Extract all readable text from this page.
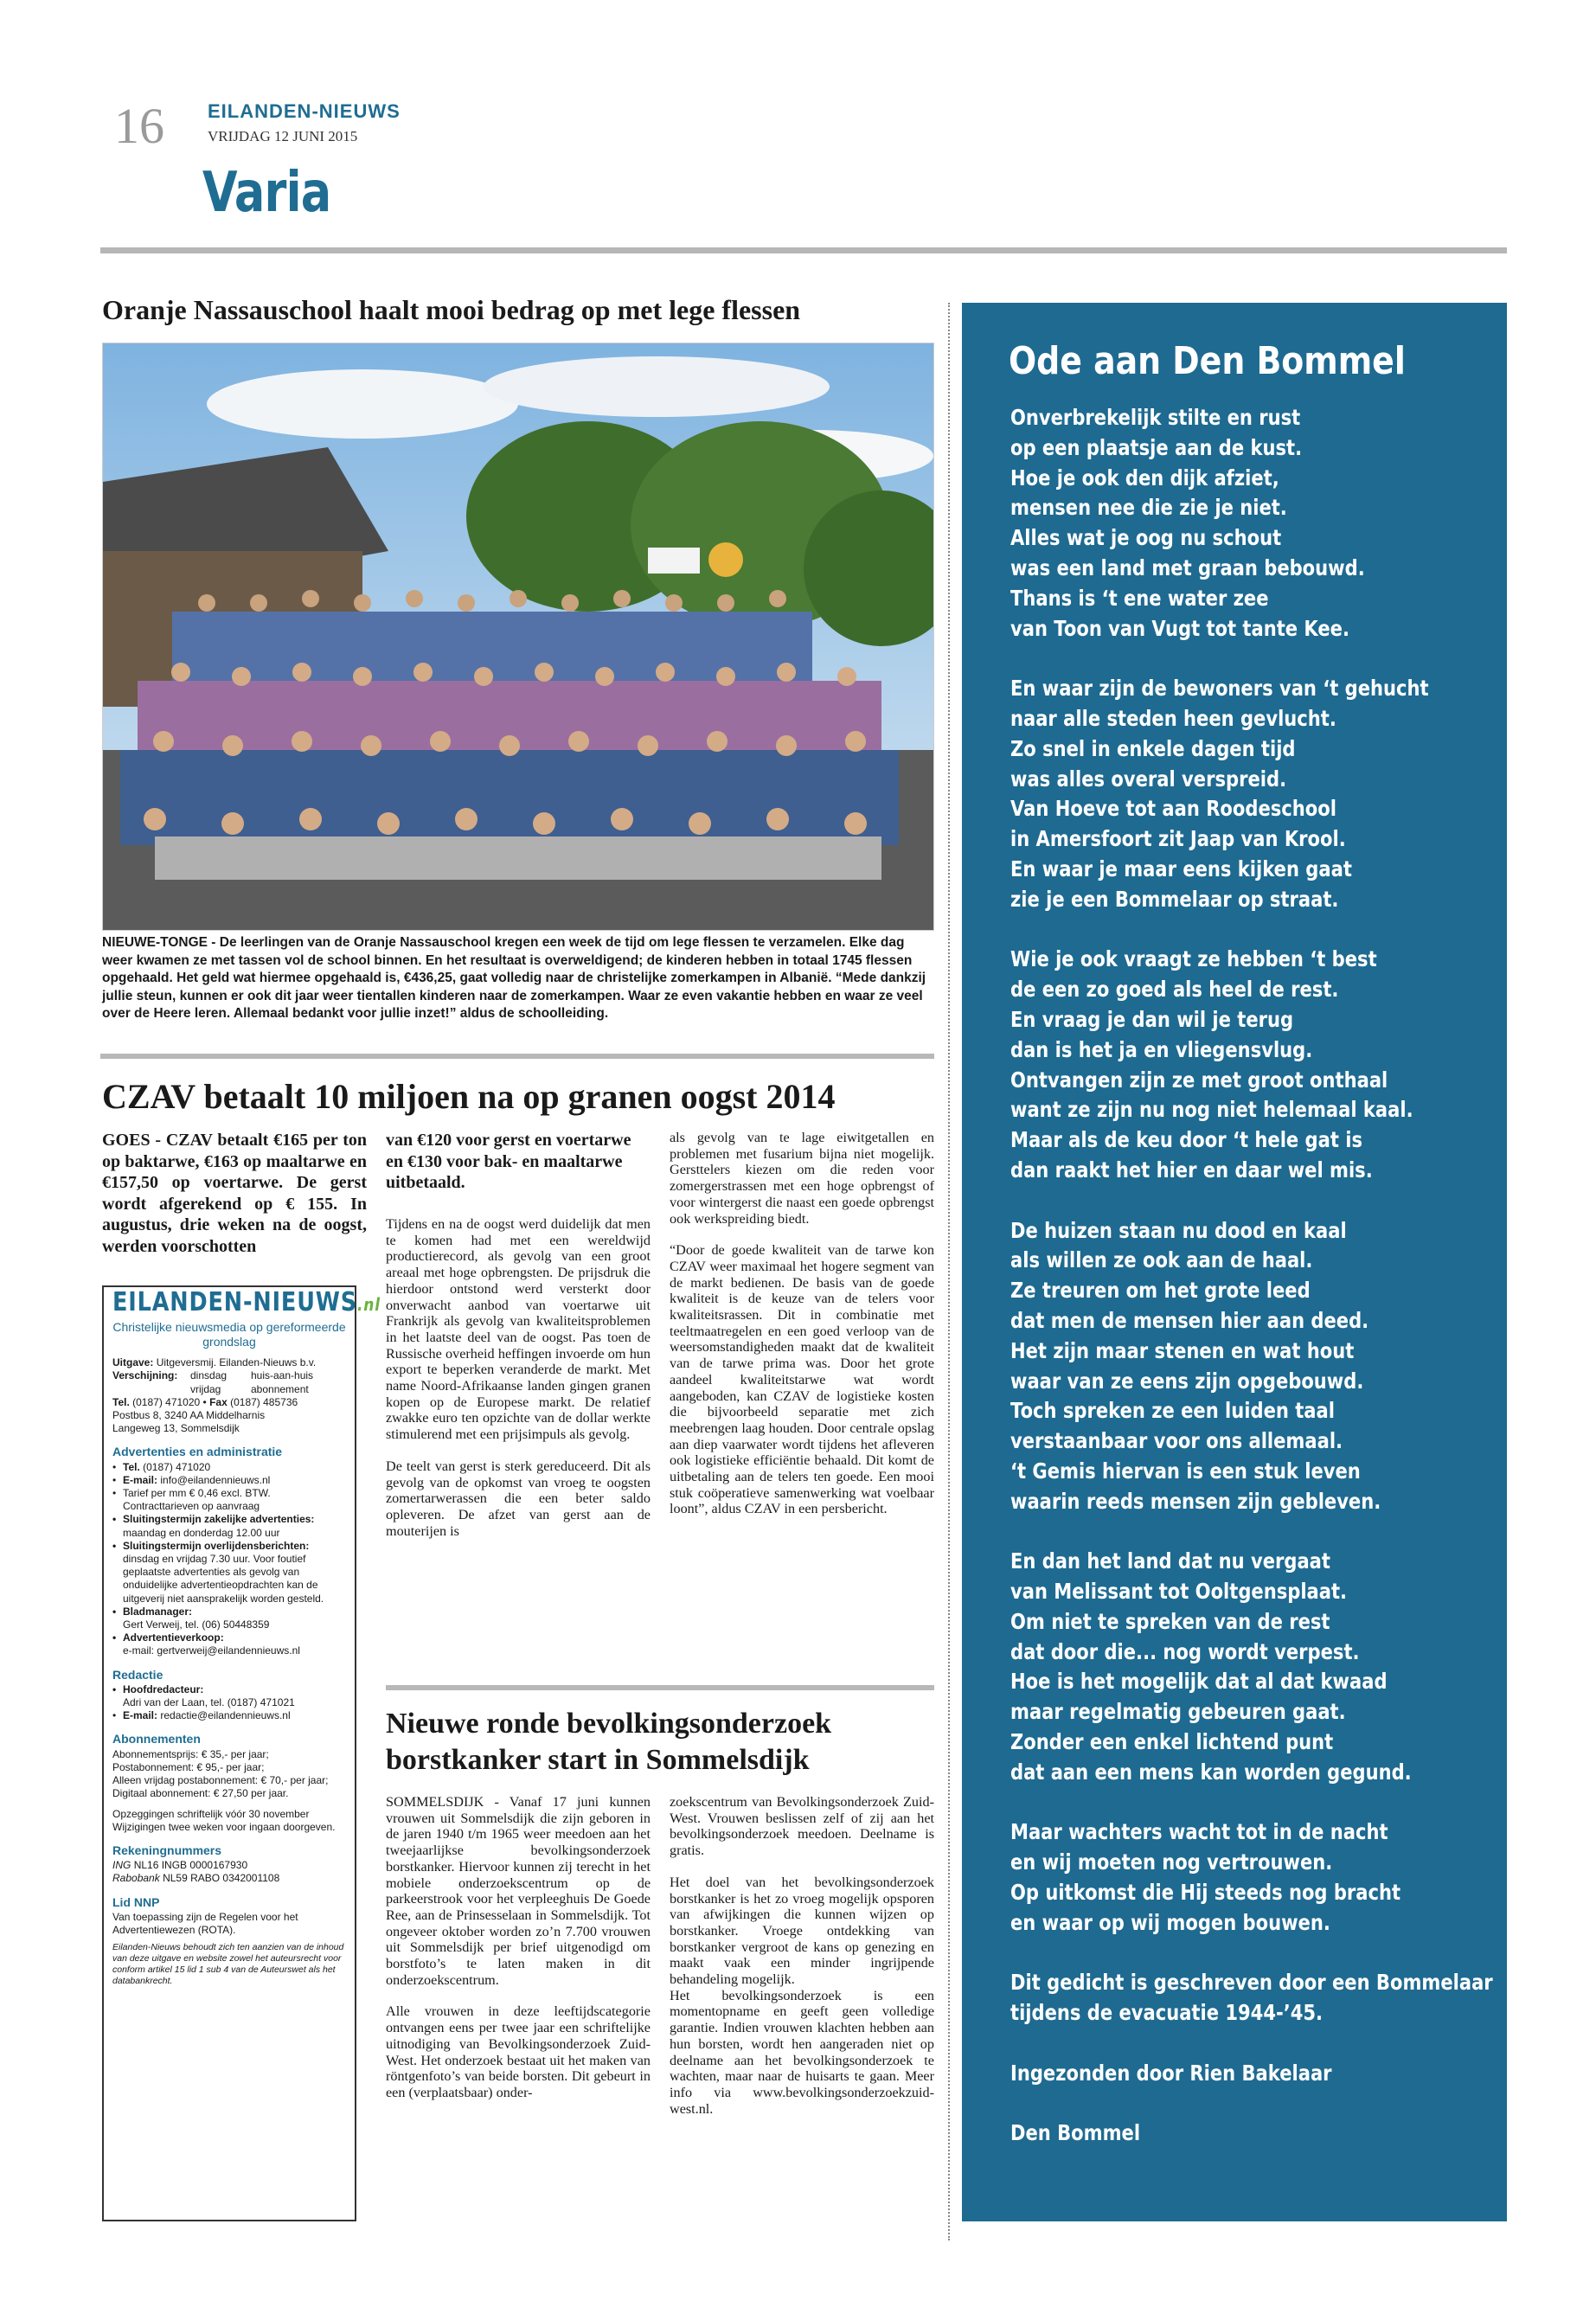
16 EILANDEN-NIEUWS
VRIJDAG 12 JUNI 2015
Varia
Oranje Nassauschool haalt mooi bedrag op met lege flessen
NIEUWE-TONGE - De leerlingen van de Oranje Nassauschool kregen een week de tijd om lege flessen te verzamelen. Elke dag weer kwamen ze met tassen vol de school binnen. En het resultaat is overweldigend; de kinderen hebben in totaal 1745 flessen opgehaald. Het geld wat hiermee opgehaald is, €436,25, gaat volledig naar de christelijke zomerkampen in Albanië. “Mede dankzij jullie steun, kunnen er ook dit jaar weer tientallen kinderen naar de zomerkampen. Waar ze even vakantie hebben en waar ze veel over de Heere leren. Allemaal bedankt voor jullie inzet!” aldus de schoolleiding.
CZAV betaalt 10 miljoen na op granen oogst 2014
GOES - CZAV betaalt €165 per ton op baktarwe, €163 op maaltarwe en €157,50 op voertarwe. De gerst wordt afgerekend op € 155. In augustus, drie weken na de oogst, werden voorschotten
van €120 voor gerst en voertarwe en €130 voor bak- en maaltarwe uitbetaald.

Tijdens en na de oogst werd duidelijk dat men te komen had met een wereldwijd productierecord, als gevolg van een groot areaal met hoge opbrengsten. De prijsdruk die hierdoor ontstond werd versterkt door onverwacht aanbod van voertarwe uit Frankrijk als gevolg van kwaliteitsproblemen in het laatste deel van de oogst. Pas toen de Russische overheid heffingen invoerde om hun export te beperken veranderde de markt. Met name Noord-Afrikaanse landen gingen granen kopen op de Europese markt. De relatief zwakke euro ten opzichte van de dollar werkte stimulerend met een prijsimpuls als gevolg.

De teelt van gerst is sterk gereduceerd. Dit als gevolg van de opkomst van vroeg te oogsten zomertarwerassen die een beter saldo opleveren. De afzet van gerst aan de mouterijen is

als gevolg van te lage eiwitgetallen en problemen met fusarium bijna niet mogelijk. Gersttelers kiezen om die reden voor zomergerstrassen met een hoge opbrengst of voor wintergerst die naast een goede opbrengst ook werkspreiding biedt.

“Door de goede kwaliteit van de tarwe kon CZAV weer maximaal het hogere segment van de markt bedienen. De basis van de goede kwaliteit is de keuze van de telers voor kwaliteitsrassen. Dit in combinatie met teeltmaatregelen en een goed verloop van de weersomstandigheden maakt dat de kwaliteit van de tarwe prima was. Door het grote aandeel kwaliteitstarwe wat wordt aangeboden, kan CZAV de logistieke kosten die bijvoorbeeld separatie met zich meebrengen laag houden. Door centrale opslag aan diep vaarwater wordt tijdens het afleveren ook logistieke efficiëntie behaald. Dit komt de uitbetaling aan de telers ten goede. Een mooi stuk coöperatieve samenwerking wat voelbaar loont”, aldus CZAV in een persbericht.

Nieuwe ronde bevolkingsonderzoek borstkanker start in Sommelsdijk

SOMMELSDIJK - Vanaf 17 juni kunnen vrouwen uit Sommelsdijk die zijn geboren in de jaren 1940 t/m 1965 weer meedoen aan het tweejaarlijkse bevolkingsonderzoek borstkanker. Hiervoor kunnen zij terecht in het mobiele onderzoekscentrum op de parkeerstrook voor het verpleeghuis De Goede Ree, aan de Prinsesselaan in Sommelsdijk. Tot ongeveer oktober worden zo’n 7.700 vrouwen uit Sommelsdijk per brief uitgenodigd om borstfoto’s te laten maken in dit onderzoekscentrum.

Alle vrouwen in deze leeftijdscategorie ontvangen eens per twee jaar een schriftelijke uitnodiging van Bevolkingsonderzoek Zuid-West. Het onderzoek bestaat uit het maken van röntgenfoto’s van beide borsten. Dit gebeurt in een (verplaatsbaar) onder-

zoekscentrum van Bevolkingsonderzoek Zuid-West. Vrouwen beslissen zelf of zij aan het bevolkingsonderzoek meedoen. Deelname is gratis.

Het doel van het bevolkingsonderzoek borstkanker is het zo vroeg mogelijk opsporen van afwijkingen die kunnen wijzen op borstkanker. Vroege ontdekking van borstkanker vergroot de kans op genezing en maakt vaak een minder ingrijpende behandeling mogelijk.

Het bevolkingsonderzoek is een momentopname en geeft geen volledige garantie. Indien vrouwen klachten hebben aan hun borsten, wordt hen aangeraden niet op deelname aan het bevolkingsonderzoek te wachten, maar naar de huisarts te gaan. Meer info via www.bevolkingsonderzoekzuid-west.nl.

EILANDEN-NIEUWS.nl
Christelijke nieuwsmedia op gereformeerde grondslag

Uitgave: Uitgeversmij. Eilanden-Nieuws b.v.

Verschijning:	dinsdag	huis-aan-huis
vrijdag	abonnement

Tel. (0187) 471020 • Fax (0187) 485736

Postbus 8, 3240 AA Middelharnis

Langeweg 13, Sommelsdijk

Advertenties en administratie

• Tel. (0187) 471020

• E-mail: info@eilandennieuws.nl

• Tarief per mm € 0,46 excl. BTW.

Contracttarieven op aanvraag

• Sluitingstermijn zakelijke advertenties:

maandag en donderdag 12.00 uur

• Sluitingstermijn overlijdensberichten:

dinsdag en vrijdag 7.30 uur. Voor foutief geplaatste advertenties als gevolg van onduidelijke advertentieopdrachten kan de uitgeverij niet aansprakelijk worden gesteld.

• Bladmanager:

Gert Verweij, tel. (06) 50448359

• Advertentieverkoop:

e-mail: gertverweij@eilandennieuws.nl

Redactie

• Hoofdredacteur:

Adri van der Laan, tel. (0187) 471021

• E-mail: redactie@eilandennieuws.nl

Abonnementen

Abonnementsprijs: € 35,- per jaar;

Postabonnement: € 95,- per jaar;

Alleen vrijdag postabonnement: € 70,- per jaar;

Digitaal abonnement: € 27,50 per jaar.

Opzeggingen schriftelijk vóór 30 november

Wijzigingen twee weken voor ingaan doorgeven.

Rekeningnummers

ING NL16 INGB 0000167930

Rabobank NL59 RABO 0342001108

Lid NNP

Van toepassing zijn de Regelen voor het Advertentiewezen (ROTA).

Eilanden-Nieuws behoudt zich ten aanzien van de inhoud van deze uitgave en website zowel het auteursrecht voor conform artikel 15 lid 1 sub 4 van de Auteurswet als het databankrecht.

Ode aan Den Bommel
Onverbrekelijk stilte en rust
op een plaatsje aan de kust.
Hoe je ook den dijk afziet,
mensen nee die zie je niet.
Alles wat je oog nu schout
was een land met graan bebouwd.
Thans is ‘t ene water zee
van Toon van Vugt tot tante Kee.
En waar zijn de bewoners van ‘t gehucht
naar alle steden heen gevlucht.
Zo snel in enkele dagen tijd
was alles overal verspreid.
Van Hoeve tot aan Roodeschool
in Amersfoort zit Jaap van Krool.
En waar je maar eens kijken gaat
zie je een Bommelaar op straat.
Wie je ook vraagt ze hebben ‘t best
de een zo goed als heel de rest.
En vraag je dan wil je terug
dan is het ja en vliegensvlug.
Ontvangen zijn ze met groot onthaal
want ze zijn nu nog niet helemaal kaal.
Maar als de keu door ‘t hele gat is
dan raakt het hier en daar wel mis.
De huizen staan nu dood en kaal
als willen ze ook aan de haal.
Ze treuren om het grote leed
dat men de mensen hier aan deed.
Het zijn maar stenen en wat hout
waar van ze eens zijn opgebouwd.
Toch spreken ze een luiden taal
verstaanbaar voor ons allemaal.
‘t Gemis hiervan is een stuk leven
waarin reeds mensen zijn gebleven.
En dan het land dat nu vergaat
van Melissant tot Ooltgensplaat.
Om niet te spreken van de rest
dat door die... nog wordt verpest.
Hoe is het mogelijk dat al dat kwaad
maar regelmatig gebeuren gaat.
Zonder een enkel lichtend punt
dat aan een mens kan worden gegund.
Maar wachters wacht tot in de nacht
en wij moeten nog vertrouwen.
Op uitkomst die Hij steeds nog bracht
en waar op wij mogen bouwen.
Dit gedicht is geschreven door een Bommelaar
tijdens de evacuatie 1944-’45.
Ingezonden door Rien Bakelaar
Den Bommel
